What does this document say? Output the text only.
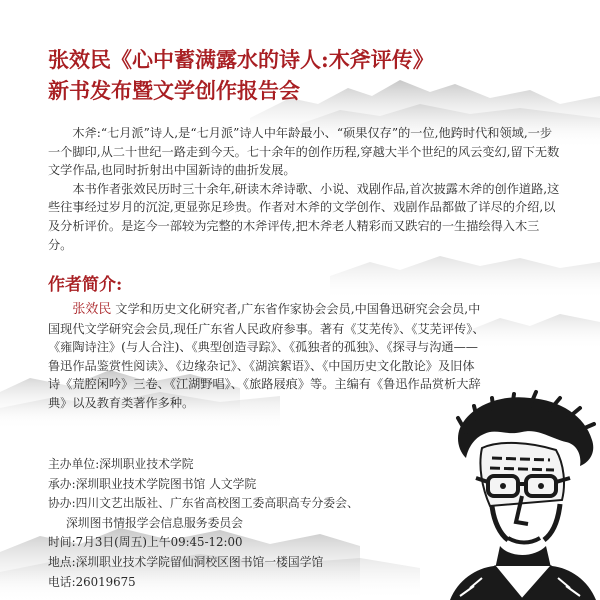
张效民《心中蓄满露水的诗人:木斧评传》
新书发布暨文学创作报告会

木斧:“七月派”诗人,是“七月派”诗人中年龄最小、“硕果仅存”的一位,他跨时代和领域,一步一个脚印,从二十世纪一路走到今天。七十余年的创作历程,穿越大半个世纪的风云变幻,留下无数文学作品,也同时折射出中国新诗的曲折发展。

本书作者张效民历时三十余年,研读木斧诗歌、小说、戏剧作品,首次披露木斧的创作道路,这些往事经过岁月的沉淀,更显弥足珍贵。作者对木斧的文学创作、戏剧作品都做了详尽的介绍,以及分析评价。是迄今一部较为完整的木斧评传,把木斧老人精彩而又跌宕的一生描绘得入木三分。

作者简介:
张效民 文学和历史文化研究者,广东省作家协会会员,中国鲁迅研究会会员,中国现代文学研究会会员,现任广东省人民政府参事。著有《艾芜传》、《艾芜评传》、《雍陶诗注》(与人合注)、《典型创造寻踪》、《孤独者的孤独》、《探寻与沟通——鲁迅作品鉴赏性阅读》、《边缘杂记》、《湖滨絮语》、《中国历史文化散论》及旧体诗《荒腔闲吟》三卷、《江湖野唱》、《旅路屐痕》等。主编有《鲁迅作品赏析大辞典》以及教育类著作多种。
主办单位:深圳职业技术学院
承办:深圳职业技术学院图书馆 人文学院
协办:四川文艺出版社、广东省高校图工委高职高专分委会、
深圳图书情报学会信息服务委员会
时间:7月3日(周五)上午09:45-12:00
地点:深圳职业技术学院留仙洞校区图书馆一楼国学馆
电话:26019675
